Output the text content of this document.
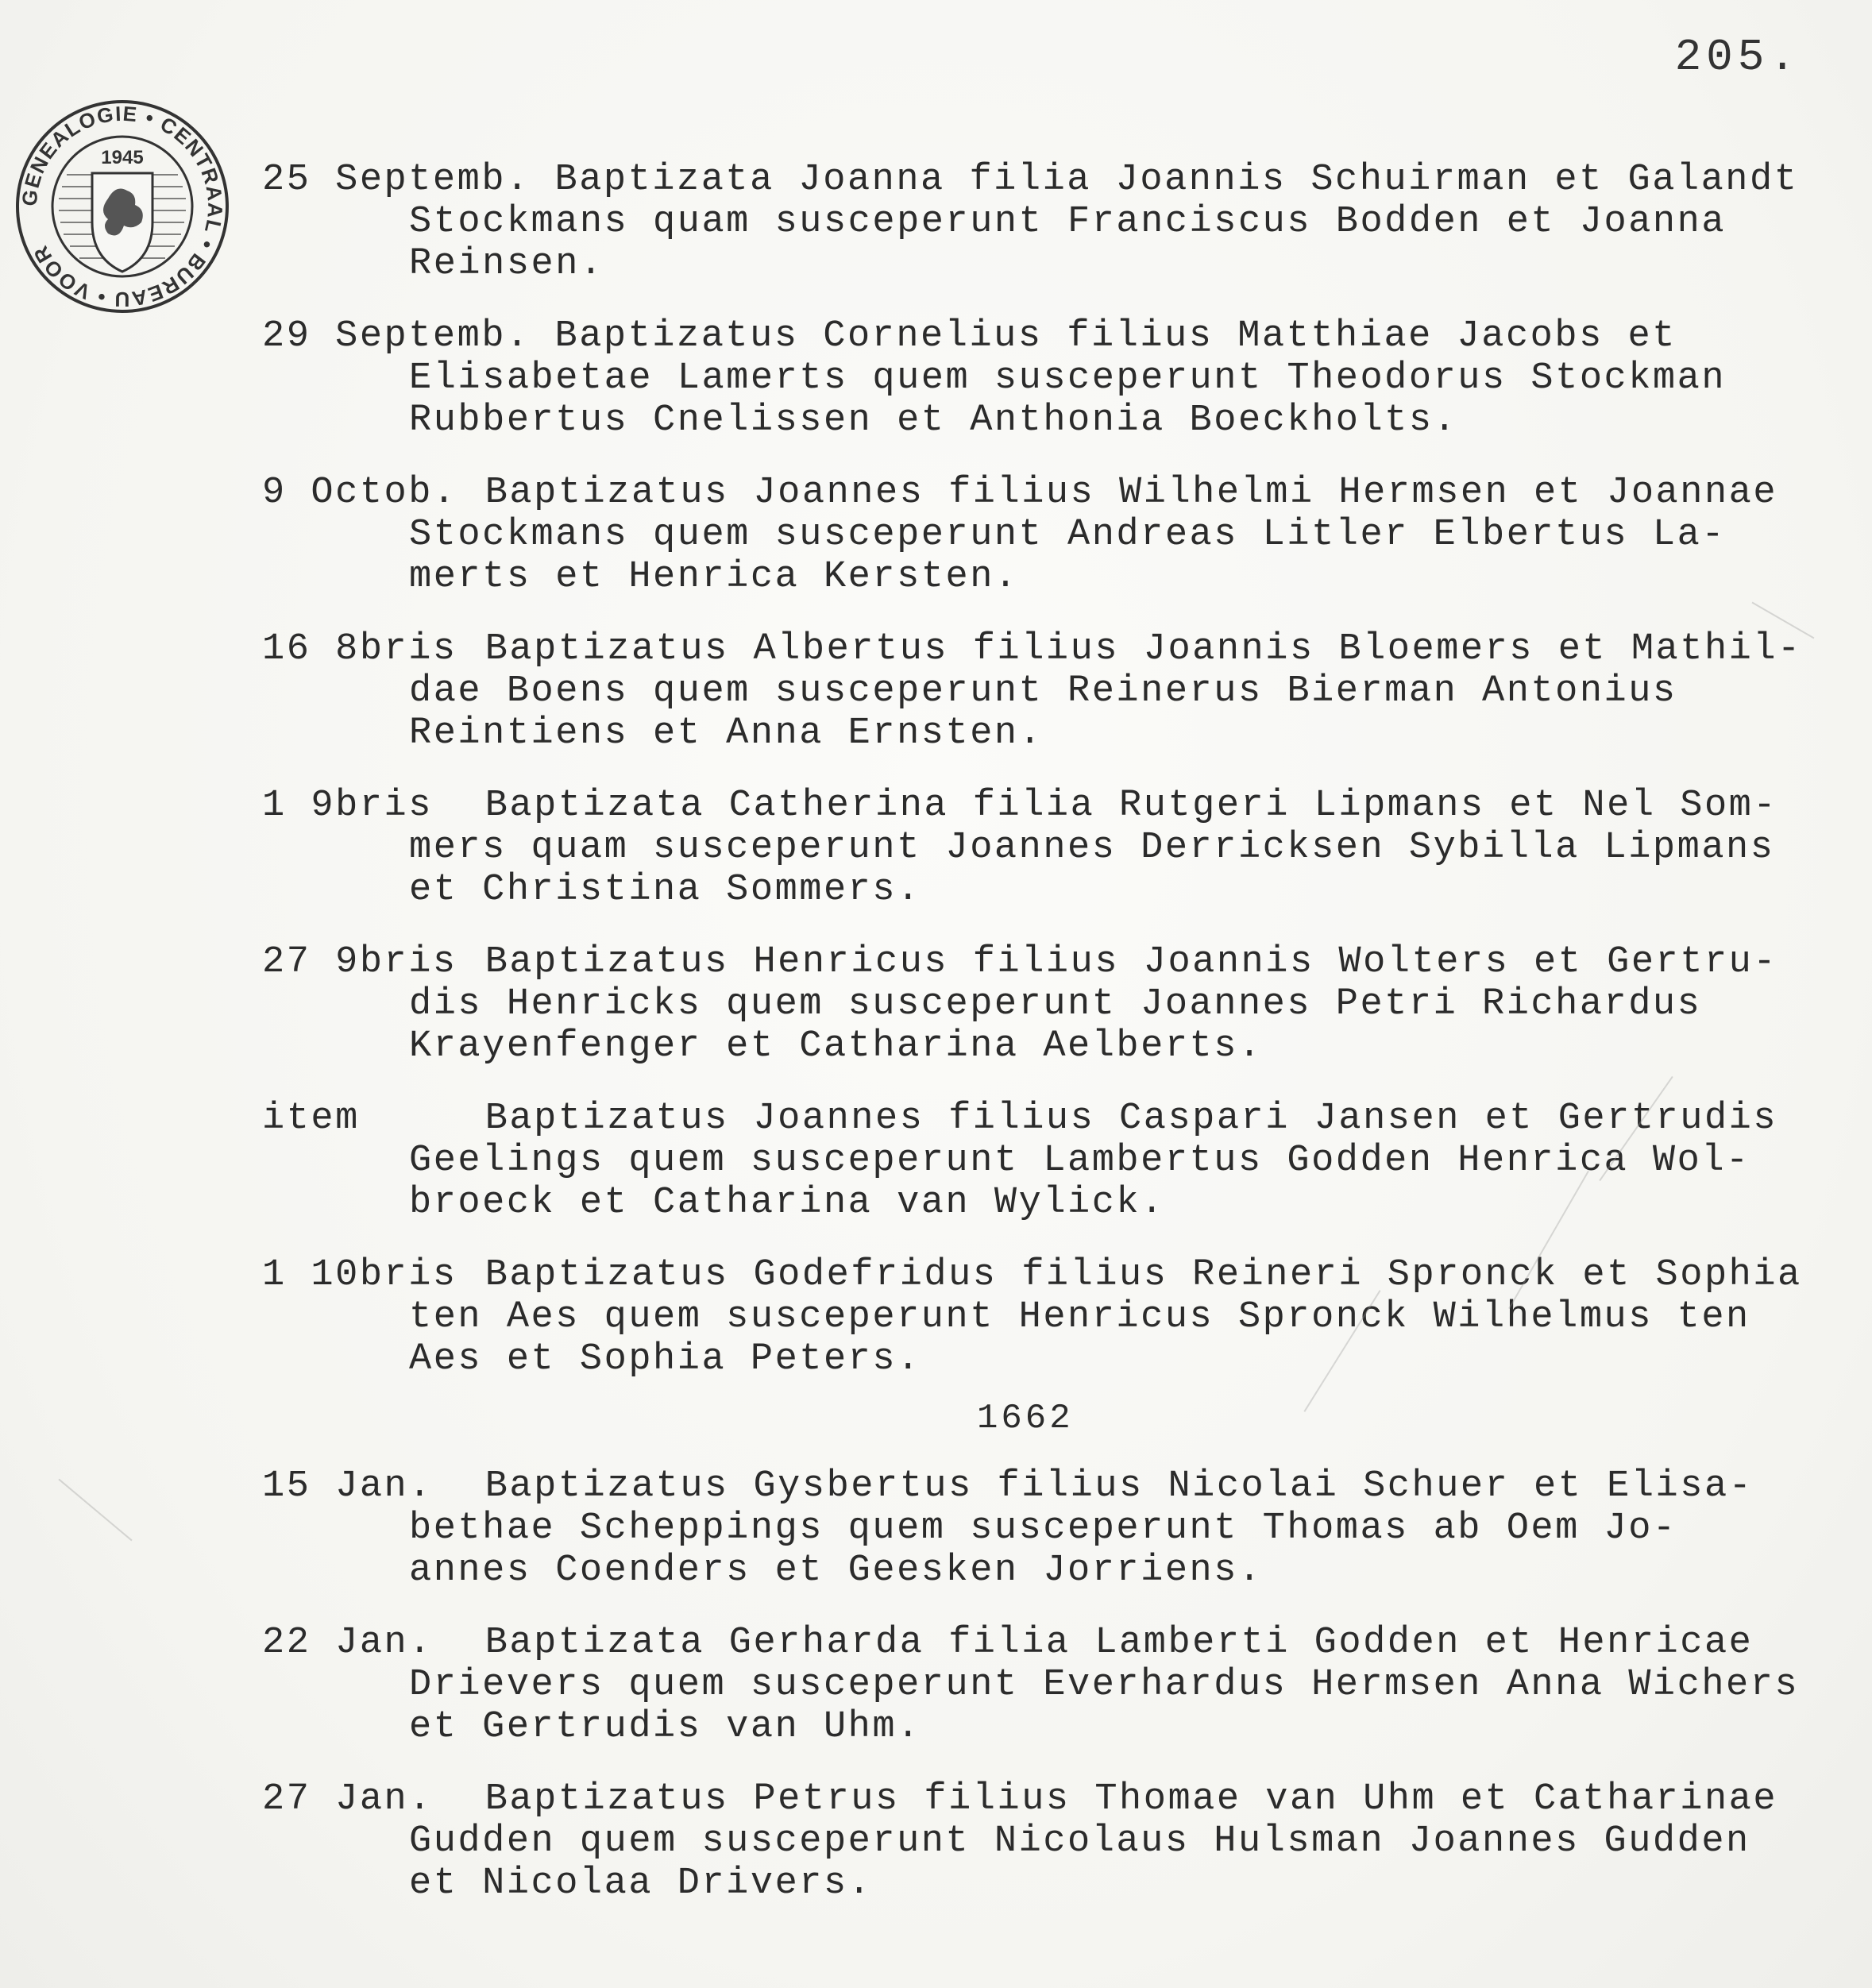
205.
GENEALOGIE • CENTRAAL • BUREAU • VOOR
1945
25 Septemb. Baptizata Joanna filia Joannis Schuirman et Galandt
Stockmans quam susceperunt Franciscus Bodden et Joanna
Reinsen.
29 Septemb. Baptizatus Cornelius filius Matthiae Jacobs et
Elisabetae Lamerts quem susceperunt Theodorus Stockman
Rubbertus Cnelissen et Anthonia Boeckholts.
9 Octob. Baptizatus Joannes filius Wilhelmi Hermsen et Joannae
Stockmans quem susceperunt Andreas Litler Elbertus La-
merts et Henrica Kersten.
16 8bris Baptizatus Albertus filius Joannis Bloemers et Mathil-
dae Boens quem susceperunt Reinerus Bierman Antonius
Reintiens et Anna Ernsten.
1 9bris Baptizata Catherina filia Rutgeri Lipmans et Nel Som-
mers quam susceperunt Joannes Derricksen Sybilla Lipmans
et Christina Sommers.
27 9bris Baptizatus Henricus filius Joannis Wolters et Gertru-
dis Henricks quem susceperunt Joannes Petri Richardus
Krayenfenger et Catharina Aelberts.
item	Baptizatus Joannes filius Caspari Jansen et Gertrudis
Geelings quem susceperunt Lambertus Godden Henrica Wol-
broeck et Catharina van Wylick.
1 10bris Baptizatus Godefridus filius Reineri Spronck et Sophia
ten Aes quem susceperunt Henricus Spronck Wilhelmus ten
Aes et Sophia Peters.
1662
15 Jan. Baptizatus Gysbertus filius Nicolai Schuer et Elisa-
bethae Scheppings quem susceperunt Thomas ab Oem Jo-
annes Coenders et Geesken Jorriens.
22 Jan. Baptizata Gerharda filia Lamberti Godden et Henricae
Drievers quem susceperunt Everhardus Hermsen Anna Wichers
et Gertrudis van Uhm.
27 Jan. Baptizatus Petrus filius Thomae van Uhm et Catharinae
Gudden quem susceperunt Nicolaus Hulsman Joannes Gudden
et Nicolaa Drivers.
